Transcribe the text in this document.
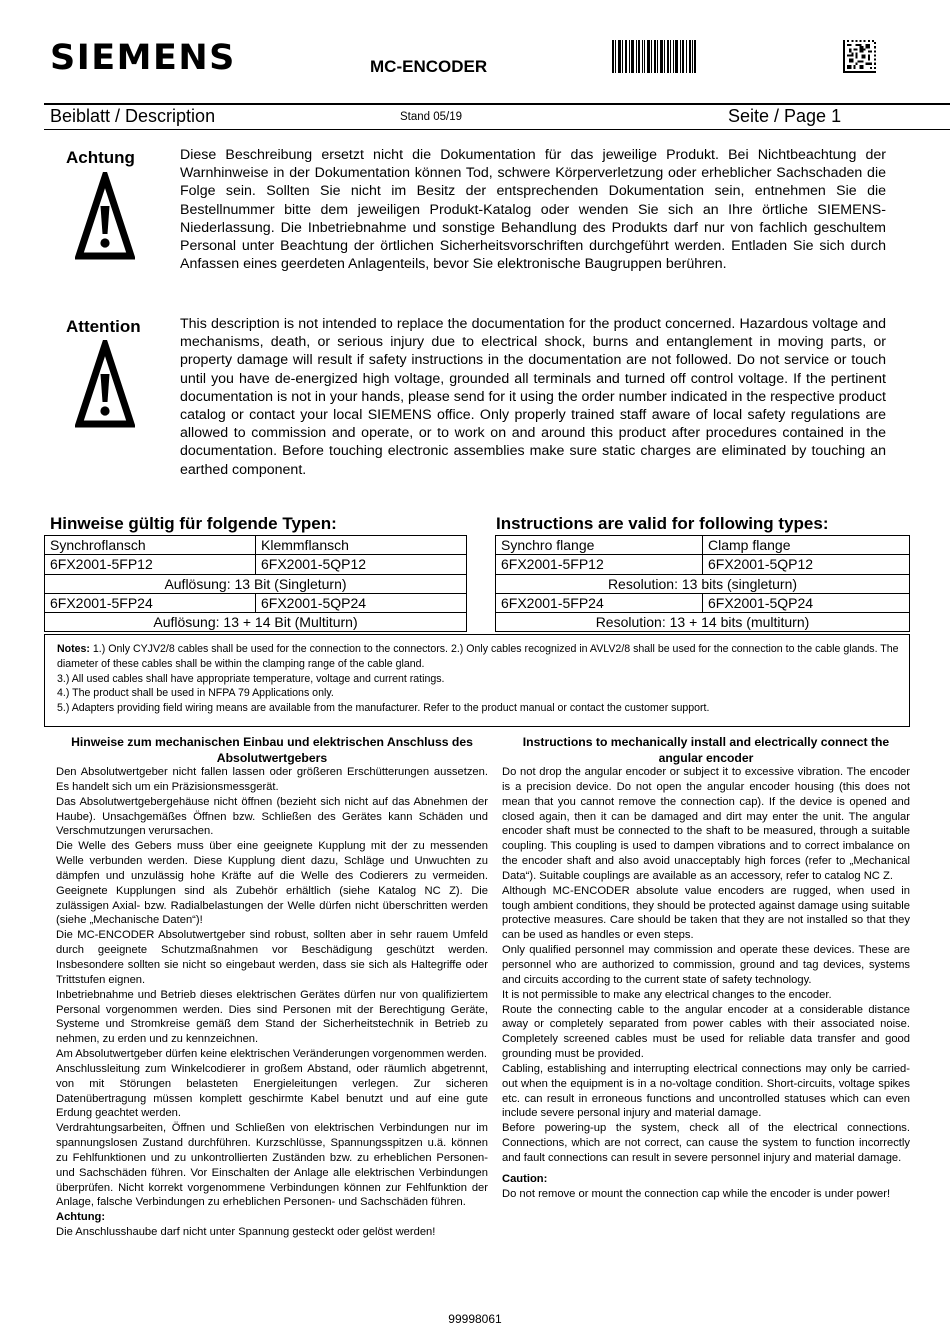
SIEMENS	MC-ENCODER
Beiblatt / Description	Stand 05/19	Seite / Page 1
Achtung	Diese Beschreibung ersetzt nicht die Dokumentation für das jeweilige Produkt. Bei Nichtbeachtung der Warnhinweise in der Dokumentation können Tod, schwere Körperverletzung oder erheblicher Sachschaden die Folge sein. Sollten Sie nicht im Besitz der entsprechenden Dokumentation sein, entnehmen Sie die Bestellnummer bitte dem jeweiligen Produkt-Katalog oder wenden Sie sich an Ihre örtliche SIEMENS-Niederlassung. Die Inbetriebnahme und sonstige Behandlung des Produkts darf nur von fachlich geschultem Personal unter Beachtung der örtlichen Sicherheitsvorschriften durchgeführt werden. Entladen Sie sich durch Anfassen eines geerdeten Anlagenteils, bevor Sie elektronische Baugruppen berühren.
Attention	This description is not intended to replace the documentation for the product concerned. Hazardous voltage and mechanisms, death, or serious injury due to electrical shock, burns and entanglement in moving parts, or property damage will result if safety instructions in the documentation are not followed. Do not service or touch until you have de-energized high voltage, grounded all terminals and turned off control voltage. If the pertinent documentation is not in your hands, please send for it using the order number indicated in the respective product catalog or contact your local SIEMENS office. Only properly trained staff aware of local safety regulations are allowed to commission and operate, or to work on and around this product after procedures contained in the documentation. Before touching electronic assemblies make sure static charges are eliminated by touching an earthed component.
Hinweise gültig für folgende Typen:
Synchroflansch	Klemmflansch
6FX2001-5FP12	6FX2001-5QP12
Auflösung: 13 Bit (Singleturn)	
6FX2001-5FP24	6FX2001-5QP24
Auflösung: 13 + 14 Bit (Multiturn)	
Instructions are valid for following types:
Synchro flange	Clamp flange
6FX2001-5FP12	6FX2001-5QP12
Resolution: 13 bits (singleturn)	
6FX2001-5FP24	6FX2001-5QP24
Resolution: 13 + 14 bits (multiturn)	
Notes: 1.) Only CYJV2/8 cables shall be used for the connection to the connectors. 2.) Only cables recognized in AVLV2/8 shall be used for the connection to the cable glands. The diameter of these cables shall be within the clamping range of the cable gland.
3.) All used cables shall have appropriate temperature, voltage and current ratings.
4.) The product shall be used in NFPA 79 Applications only.
5.) Adapters providing field wiring means are available from the manufacturer. Refer to the product manual or contact the customer support.
Hinweise zum mechanischen Einbau und elektrischen Anschluss des Absolutwertgebers

Den Absolutwertgeber nicht fallen lassen oder größeren Erschütterungen aussetzen. Es handelt sich um ein Präzisionsmessgerät.

Das Absolutwertgebergehäuse nicht öffnen (bezieht sich nicht auf das Abnehmen der Haube). Unsachgemäßes Öffnen bzw. Schließen des Gerätes kann Schäden und Verschmutzungen verursachen.

Die Welle des Gebers muss über eine geeignete Kupplung mit der zu messenden Welle verbunden werden. Diese Kupplung dient dazu, Schläge und Unwuchten zu dämpfen und unzulässig hohe Kräfte auf die Welle des Codierers zu vermeiden. Geeignete Kupplungen sind als Zubehör erhältlich (siehe Katalog NC Z). Die zulässigen Axial- bzw. Radialbelastungen der Welle dürfen nicht überschritten werden (siehe „Mechanische Daten“)!

Die MC-ENCODER Absolutwertgeber sind robust, sollten aber in sehr rauem Umfeld durch geeignete Schutzmaßnahmen vor Beschädigung geschützt werden. Insbesondere sollten sie nicht so eingebaut werden, dass sie sich als Haltegriffe oder Trittstufen eignen.

Inbetriebnahme und Betrieb dieses elektrischen Gerätes dürfen nur von qualifiziertem Personal vorgenommen werden. Dies sind Personen mit der Berechtigung Geräte, Systeme und Stromkreise gemäß dem Stand der Sicherheitstechnik in Betrieb zu nehmen, zu erden und zu kennzeichnen.

Am Absolutwertgeber dürfen keine elektrischen Veränderungen vorgenommen werden.

Anschlussleitung zum Winkelcodierer in großem Abstand, oder räumlich abgetrennt, von mit Störungen belasteten Energieleitungen verlegen. Zur sicheren Datenübertragung müssen komplett geschirmte Kabel benutzt und auf eine gute Erdung geachtet werden.

Verdrahtungsarbeiten, Öffnen und Schließen von elektrischen Verbindungen nur im spannungslosen Zustand durchführen. Kurzschlüsse, Spannungsspitzen u.ä. können zu Fehlfunktionen und zu unkontrollierten Zuständen bzw. zu erheblichen Personen- und Sachschäden führen. Vor Einschalten der Anlage alle elektrischen Verbindungen überprüfen. Nicht korrekt vorgenommene Verbindungen können zur Fehlfunktion der Anlage, falsche Verbindungen zu erheblichen Personen- und Sachschäden führen.

Achtung:

Die Anschlusshaube darf nicht unter Spannung gesteckt oder gelöst werden!

Instructions to mechanically install and electrically connect the angular encoder

Do not drop the angular encoder or subject it to excessive vibration. The encoder is a precision device. Do not open the angular encoder housing (this does not mean that you cannot remove the connection cap). If the device is opened and closed again, then it can be damaged and dirt may enter the unit. The angular encoder shaft must be connected to the shaft to be measured, through a suitable coupling. This coupling is used to dampen vibrations and to correct imbalance on the encoder shaft and also avoid unacceptably high forces (refer to „Mechanical Data“). Suitable couplings are available as an accessory, refer to catalog NC Z.

Although MC-ENCODER absolute value encoders are rugged, when used in tough ambient conditions, they should be protected against damage using suitable protective measures. Care should be taken that they are not installed so that they can be used as handles or even steps.

Only qualified personnel may commission and operate these devices. These are personnel who are authorized to commission, ground and tag devices, systems and circuits according to the current state of safety technology.

It is not permissible to make any electrical changes to the encoder.

Route the connecting cable to the angular encoder at a considerable distance away or completely separated from power cables with their associated noise. Completely screened cables must be used for reliable data transfer and good grounding must be provided.

Cabling, establishing and interrupting electrical connections may only be carried-out when the equipment is in a no-voltage condition. Short-circuits, voltage spikes etc. can result in erroneous functions and uncontrolled statuses which can even include severe personal injury and material damage.

Before powering-up the system, check all of the electrical connections. Connections, which are not correct, can cause the system to function incorrectly and fault connections can result in severe personnel injury and material damage.

Caution:

Do not remove or mount the connection cap while the encoder is under power!

99998061
